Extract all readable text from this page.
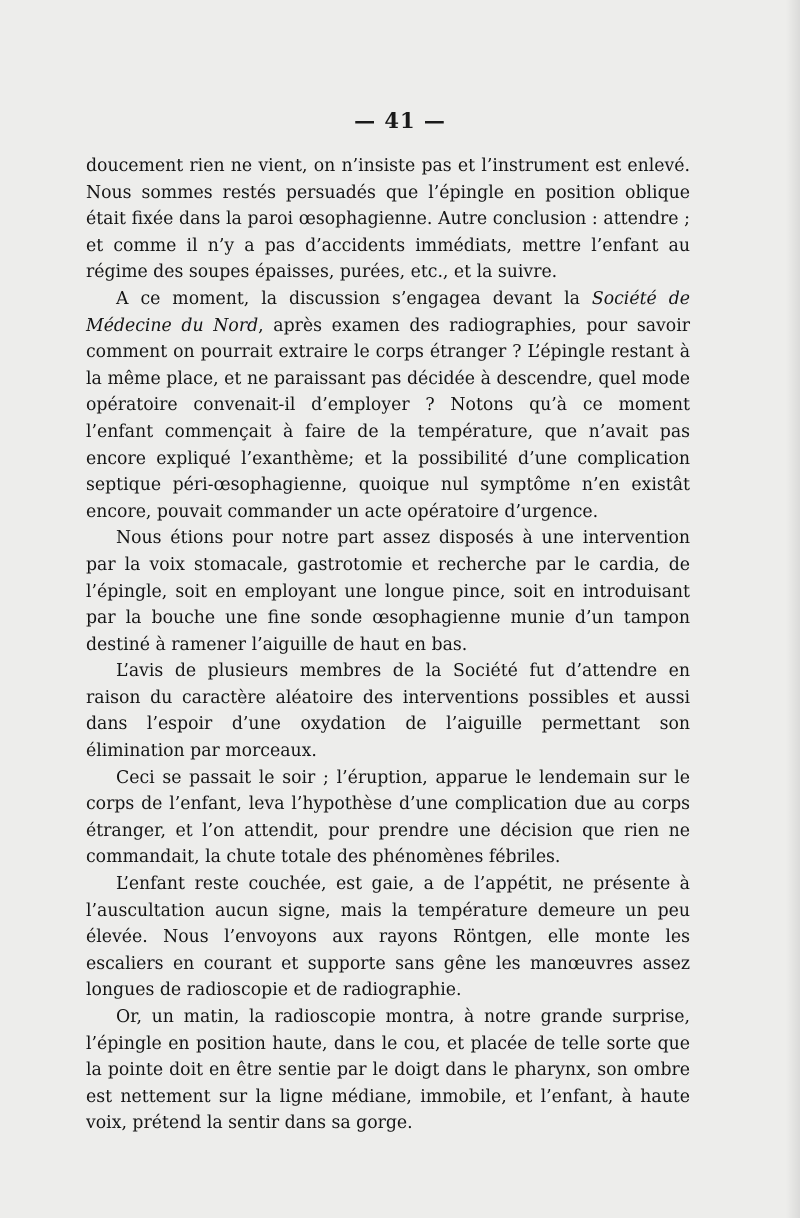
— 41 —

doucement rien ne vient, on n’insiste pas et l’instrument est enlevé. Nous sommes restés persuadés que l’épingle en position oblique était fixée dans la paroi œsophagienne. Autre conclusion : attendre ; et comme il n’y a pas d’accidents immédiats, mettre l’enfant au régime des soupes épaisses, purées, etc., et la suivre.

A ce moment, la discussion s’engagea devant la Société de Médecine du Nord, après examen des radiographies, pour savoir comment on pourrait extraire le corps étranger ? L’épingle restant à la même place, et ne paraissant pas décidée à descendre, quel mode opératoire convenait-il d’employer ? Notons qu’à ce moment l’enfant commençait à faire de la température, que n’avait pas encore expliqué l’exanthème; et la possibilité d’une complication septique péri-œsophagienne, quoique nul symptôme n’en existât encore, pouvait commander un acte opératoire d’urgence.

Nous étions pour notre part assez disposés à une intervention par la voix stomacale, gastrotomie et recherche par le cardia, de l’épingle, soit en employant une longue pince, soit en introduisant par la bouche une fine sonde œsophagienne munie d’un tampon destiné à ramener l’aiguille de haut en bas.

L’avis de plusieurs membres de la Société fut d’attendre en raison du caractère aléatoire des interventions possibles et aussi dans l’espoir d’une oxydation de l’aiguille permettant son élimination par morceaux.

Ceci se passait le soir ; l’éruption, apparue le lendemain sur le corps de l’enfant, leva l’hypothèse d’une complication due au corps étranger, et l’on attendit, pour prendre une décision que rien ne commandait, la chute totale des phénomènes fébriles.

L’enfant reste couchée, est gaie, a de l’appétit, ne présente à l’auscultation aucun signe, mais la température demeure un peu élevée. Nous l’envoyons aux rayons Röntgen, elle monte les escaliers en courant et supporte sans gêne les manœuvres assez longues de radioscopie et de radiographie.

Or, un matin, la radioscopie montra, à notre grande surprise, l’épingle en position haute, dans le cou, et placée de telle sorte que la pointe doit en être sentie par le doigt dans le pharynx, son ombre est nettement sur la ligne médiane, immobile, et l’enfant, à haute voix, prétend la sentir dans sa gorge.
